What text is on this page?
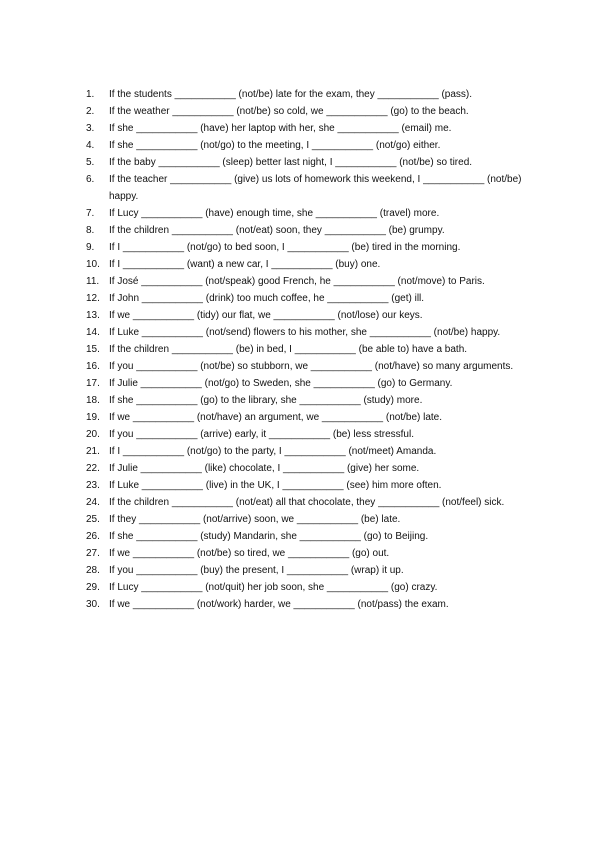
1.	If the students ___________ (not/be) late for the exam, they ___________ (pass).
2.	If the weather ___________ (not/be) so cold, we ___________ (go) to the beach.
3.	If she ___________ (have) her laptop with her, she ___________ (email) me.
4.	If she ___________ (not/go) to the meeting, I ___________ (not/go) either.
5.	If the baby ___________ (sleep) better last night, I ___________ (not/be) so tired.
6.	If the teacher ___________ (give) us lots of homework this weekend, I ___________ (not/be) happy.
7.	If Lucy ___________ (have) enough time, she ___________ (travel) more.
8.	If the children ___________ (not/eat) soon, they ___________ (be) grumpy.
9.	If I ___________ (not/go) to bed soon, I ___________ (be) tired in the morning.
10. If I ___________ (want) a new car, I ___________ (buy) one.
11. If José ___________ (not/speak) good French, he ___________ (not/move) to Paris.
12. If John ___________ (drink) too much coffee, he ___________ (get) ill.
13. If we ___________ (tidy) our flat, we ___________ (not/lose) our keys.
14. If Luke ___________ (not/send) flowers to his mother, she ___________ (not/be) happy.
15. If the children ___________ (be) in bed, I ___________ (be able to) have a bath.
16. If you ___________ (not/be) so stubborn, we ___________ (not/have) so many arguments.
17. If Julie ___________ (not/go) to Sweden, she ___________ (go) to Germany.
18. If she ___________ (go) to the library, she ___________ (study) more.
19. If we ___________ (not/have) an argument, we ___________ (not/be) late.
20. If you ___________ (arrive) early, it ___________ (be) less stressful.
21. If I ___________ (not/go) to the party, I ___________ (not/meet) Amanda.
22. If Julie ___________ (like) chocolate, I ___________ (give) her some.
23. If Luke ___________ (live) in the UK, I ___________ (see) him more often.
24. If the children ___________ (not/eat) all that chocolate, they ___________ (not/feel) sick.
25. If they ___________ (not/arrive) soon, we ___________ (be) late.
26. If she ___________ (study) Mandarin, she ___________ (go) to Beijing.
27. If we ___________ (not/be) so tired, we ___________ (go) out.
28. If you ___________ (buy) the present, I ___________ (wrap) it up.
29. If Lucy ___________ (not/quit) her job soon, she ___________ (go) crazy.
30. If we ___________ (not/work) harder, we ___________ (not/pass) the exam.
